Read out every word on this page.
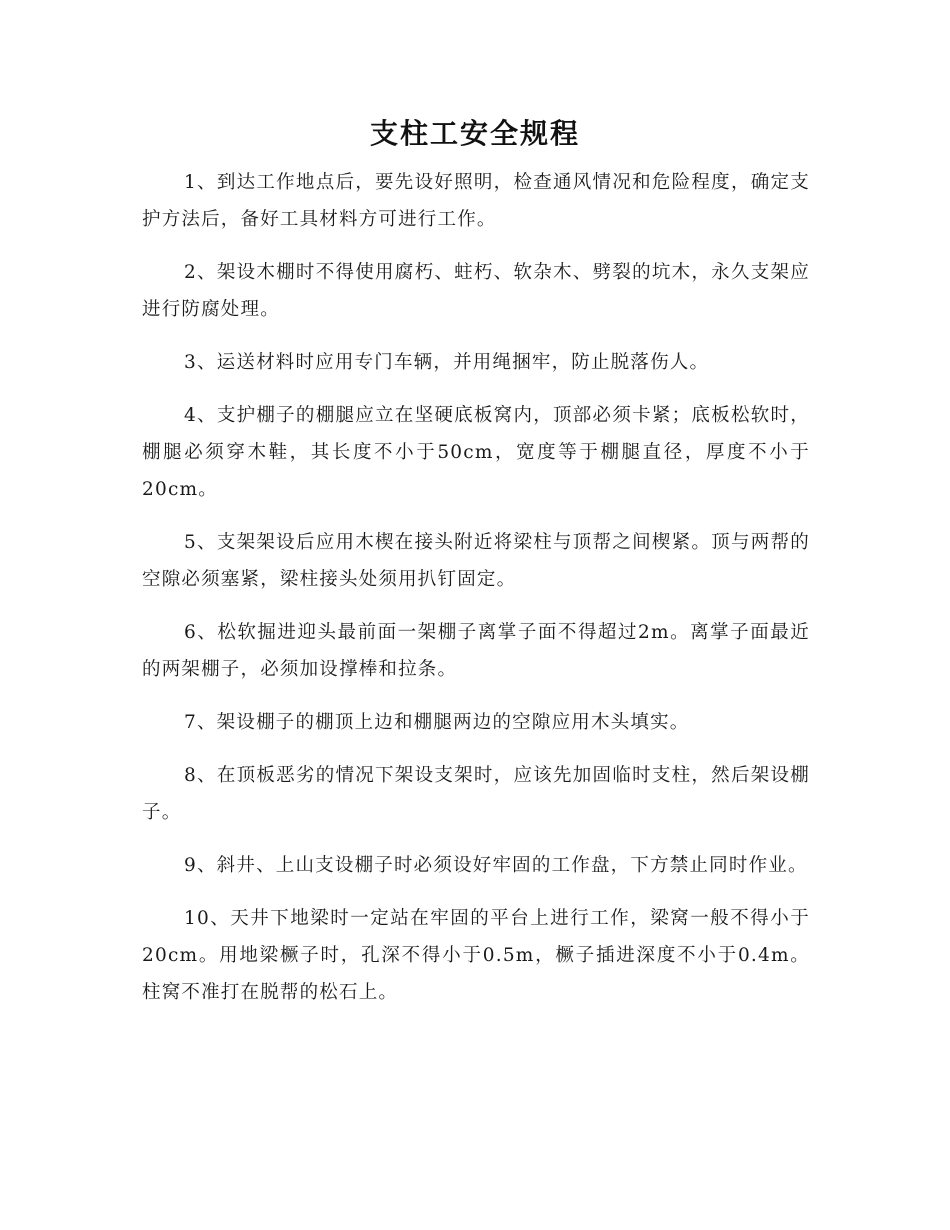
支柱工安全规程

1、到达工作地点后，要先设好照明，检查通风情况和危险程度，确定支护方法后，备好工具材料方可进行工作。

2、架设木棚时不得使用腐朽、蛀朽、软杂木、劈裂的坑木，永久支架应进行防腐处理。

3、运送材料时应用专门车辆，并用绳捆牢，防止脱落伤人。

4、支护棚子的棚腿应立在坚硬底板窝内，顶部必须卡紧；底板松软时，棚腿必须穿木鞋，其长度不小于50cm，宽度等于棚腿直径，厚度不小于20cm。

5、支架架设后应用木楔在接头附近将梁柱与顶帮之间楔紧。顶与两帮的空隙必须塞紧，梁柱接头处须用扒钉固定。

6、松软掘进迎头最前面一架棚子离掌子面不得超过2m。离掌子面最近的两架棚子，必须加设撑棒和拉条。

7、架设棚子的棚顶上边和棚腿两边的空隙应用木头填实。

8、在顶板恶劣的情况下架设支架时，应该先加固临时支柱，然后架设棚子。

9、斜井、上山支设棚子时必须设好牢固的工作盘，下方禁止同时作业。

10、天井下地梁时一定站在牢固的平台上进行工作，梁窝一般不得小于20cm。用地梁橛子时，孔深不得小于0.5m，橛子插进深度不小于0.4m。柱窝不准打在脱帮的松石上。
